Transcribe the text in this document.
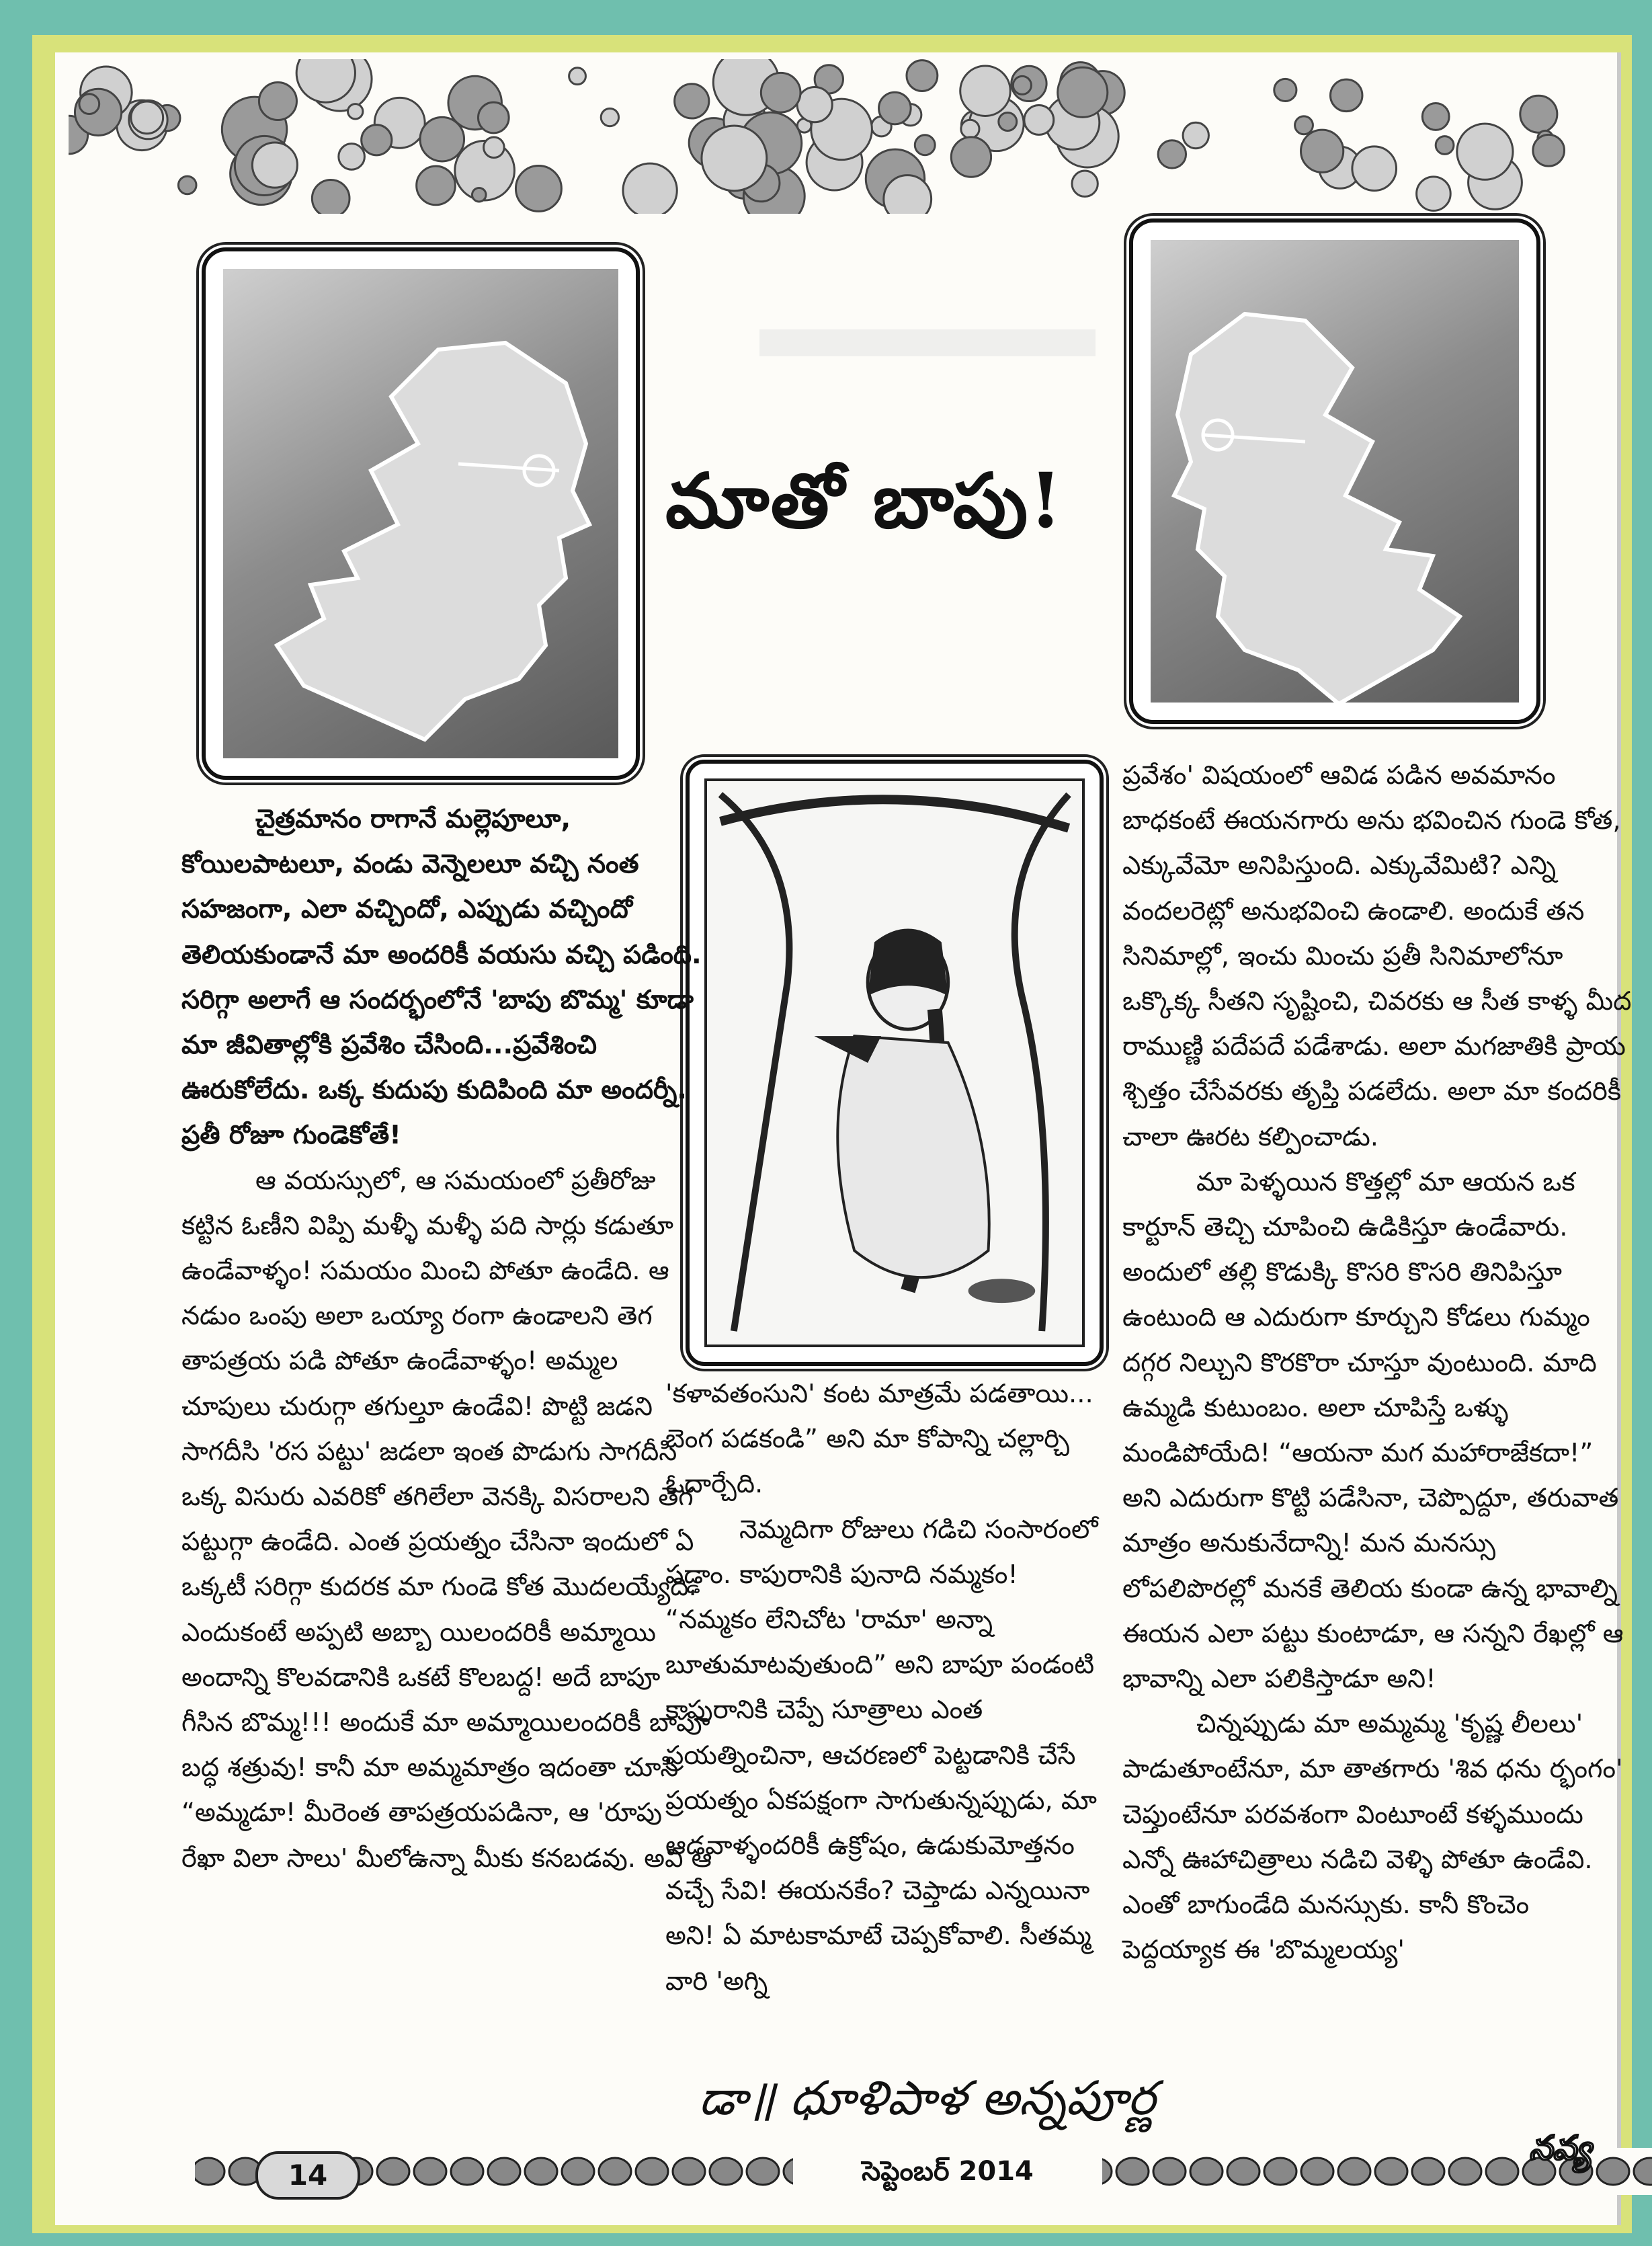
మాతో బాపు!

చైత్రమానం రాగానే మల్లెపూలూ, కోయిలపాటలూ, వండు వెన్నెలలూ వచ్చి నంత సహజంగా, ఎలా వచ్చిందో, ఎప్పుడు వచ్చిందో తెలియకుండానే మా అందరికీ వయసు వచ్చి పడింది. సరిగ్గా అలాగే ఆ సందర్భంలోనే 'బాపు బొమ్మ' కూడా మా జీవితాల్లోకి ప్రవేశిం చేసింది...ప్రవేశించి ఊరుకోలేదు. ఒక్క కుదుపు కుదిపింది మా అందర్నీ. ప్రతీ రోజూ గుండెకోతే!

ఆ వయస్సులో, ఆ సమయంలో ప్రతీరోజు కట్టిన ఓణీని విప్పి మళ్ళీ మళ్ళీ పది సార్లు కడుతూ ఉండేవాళ్ళం! సమయం మించి పోతూ ఉండేది. ఆ నడుం ఒంపు అలా ఒయ్యా రంగా ఉండాలని తెగ తాపత్రయ పడి పోతూ ఉండేవాళ్ళం! అమ్మల చూపులు చురుగ్గా తగుల్తూ ఉండేవి! పొట్టి జడని సాగదీసి 'రస పట్టు' జడలా ఇంత పొడుగు సాగదీసి ఒక్క విసురు ఎవరికో తగిలేలా వెనక్కి విసరాలని తెగ పట్టుగ్గా ఉండేది. ఎంత ప్రయత్నం చేసినా ఇందులో ఏ ఒక్కటీ సరిగ్గా కుదరక మా గుండె కోత మొదలయ్యేది. ఎందుకంటే అప్పటి అబ్బా యిలందరికీ అమ్మాయి అందాన్ని కొలవడానికి ఒకటే కొలబద్ద! అదే బాపూ గీసిన బొమ్మ!!! అందుకే మా అమ్మాయిలందరికీ బాపూ బద్ధ శత్రువు! కానీ మా అమ్మమాత్రం ఇదంతా చూసి “అమ్మడూ! మీరెంత తాపత్రయపడినా, ఆ 'రూపు రేఖా విలా సాలు' మీలోఉన్నా మీకు కనబడవు. అవి ఆ

'కళావతంసుని' కంట మాత్రమే పడతాయి... బెంగ పడకండి” అని మా కోపాన్ని చల్లార్చి ఓదార్చేది.

నెమ్మదిగా రోజులు గడిచి సంసారంలో పడ్డాం. కాపురానికి పునాది నమ్మకం! “నమ్మకం లేనిచోట 'రామా' అన్నా బూతుమాటవుతుంది” అని బాపూ పండంటి కాపురానికి చెప్పే సూత్రాలు ఎంత ప్రయత్నించినా, ఆచరణలో పెట్టడానికి చేసే ప్రయత్నం ఏకపక్షంగా సాగుతున్నప్పుడు, మా ఆడవాళ్ళందరికీ ఉక్రోషం, ఉడుకుమోత్తనం వచ్చే సేవి! ఈయనకేం? చెప్తాడు ఎన్నయినా అని! ఏ మాటకామాటే చెప్పకోవాలి. సీతమ్మ వారి 'అగ్ని

ప్రవేశం' విషయంలో ఆవిడ పడిన అవమానం బాధకంటే ఈయనగారు అను భవించిన గుండె కోత, ఎక్కువేమో అనిపిస్తుంది. ఎక్కువేమిటి? ఎన్ని వందలరెట్లో అనుభవించి ఉండాలి. అందుకే తన సినిమాల్లో, ఇంచు మించు ప్రతీ సినిమాలోనూ ఒక్కొక్క సీతని సృష్టించి, చివరకు ఆ సీత కాళ్ళ మీద రాముణ్ణి పదేపదే పడేశాడు. అలా మగజాతికి ప్రాయ శ్చిత్తం చేసేవరకు తృప్తి పడలేదు. అలా మా కందరికీ చాలా ఊరట కల్పించాడు.

మా పెళ్ళయిన కొత్తల్లో మా ఆయన ఒక కార్టూన్ తెచ్చి చూపించి ఉడికిస్తూ ఉండేవారు. అందులో తల్లి కొడుక్కి కొసరి కొసరి తినిపిస్తూ ఉంటుంది ఆ ఎదురుగా కూర్చుని కోడలు గుమ్మం దగ్గర నిల్చుని కొరకొరా చూస్తూ వుంటుంది. మాది ఉమ్మడి కుటుంబం. అలా చూపిస్తే ఒళ్ళు మండిపోయేది! “ఆయనా మగ మహారాజేకదా!” అని ఎదురుగా కొట్టి పడేసినా, చెప్పొద్దూ, తరువాత మాత్రం అనుకునేదాన్ని! మన మనస్సు లోపలిపొరల్లో మనకే తెలియ కుండా ఉన్న భావాల్ని ఈయన ఎలా పట్టు కుంటాడూ, ఆ సన్నని రేఖల్లో ఆ భావాన్ని ఎలా పలికిస్తాడూ అని!

చిన్నప్పుడు మా అమ్మమ్మ 'కృష్ణ లీలలు' పాడుతూంటేనూ, మా తాతగారు 'శివ ధను ర్భంగం' చెప్తుంటేనూ పరవశంగా వింటూంటే కళ్ళముందు ఎన్నో ఊహాచిత్రాలు నడిచి వెళ్ళి పోతూ ఉండేవి. ఎంతో బాగుండేది మనస్సుకు. కానీ కొంచెం పెద్దయ్యాక ఈ 'బొమ్మలయ్య'

డా॥ ధూళిపాళ అన్నపూర్ణ
14	సెప్టెంబర్ 2014
నవ్య
